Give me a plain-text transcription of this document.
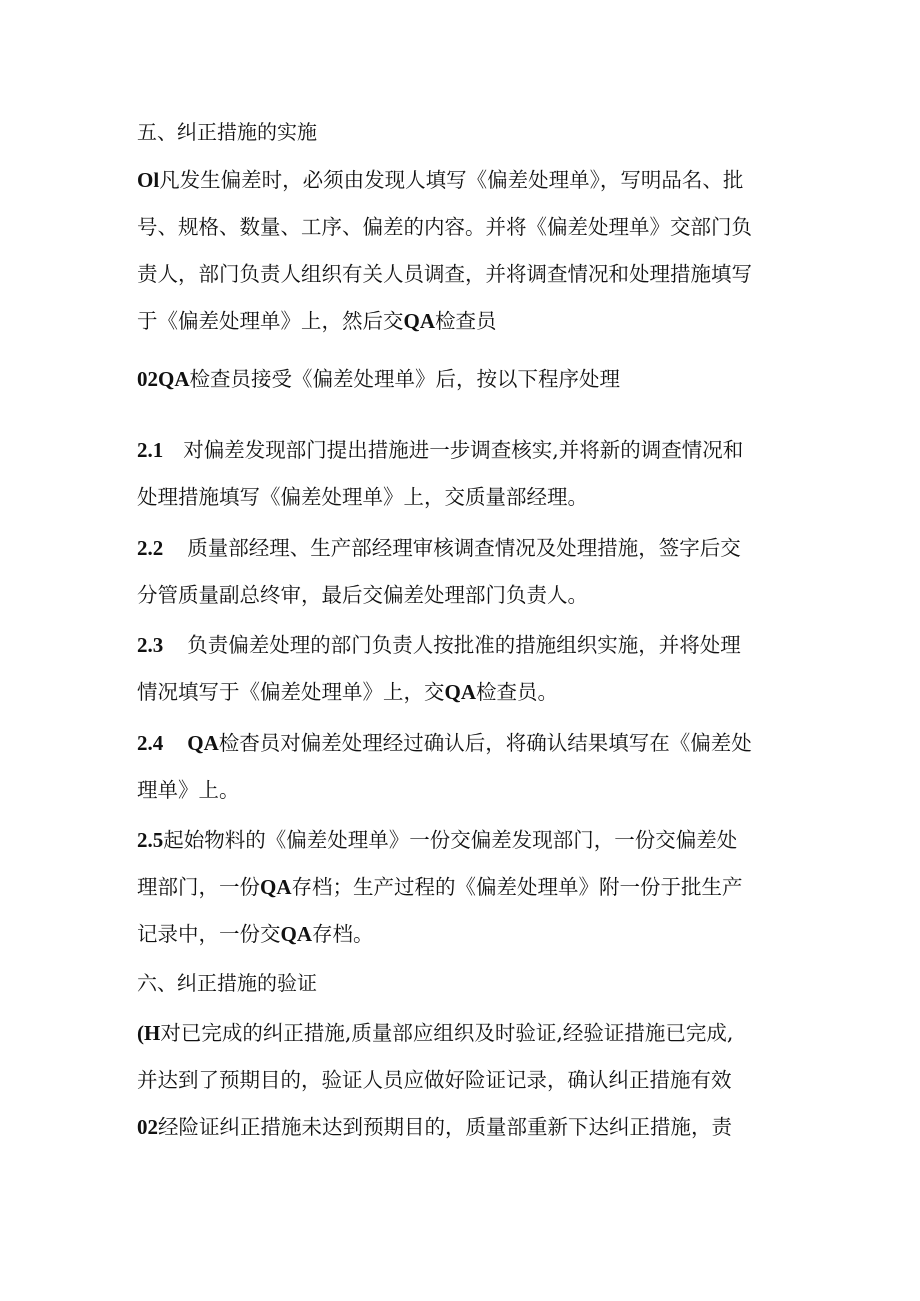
五、纠正措施的实施
Ol凡发生偏差时，必须由发现人填写《偏差处理单》，写明品名、批
号、规格、数量、工序、偏差的内容。并将《偏差处理单》交部门负
责人，部门负责人组织有关人员调查，并将调查情况和处理措施填写
于《偏差处理单》上，然后交QA检查员
02QA检查员接受《偏差处理单》后，按以下程序处理
2.1 对偏差发现部门提出措施进一步调查核实,并将新的调查情况和
处理措施填写《偏差处理单》上，交质量部经理。
2.2 质量部经理、生产部经理审核调查情况及处理措施，签字后交
分管质量副总终审，最后交偏差处理部门负责人。
2.3 负责偏差处理的部门负责人按批准的措施组织实施，并将处理
情况填写于《偏差处理单》上，交QA检查员。
2.4 QA检杳员对偏差处理经过确认后，将确认结果填写在《偏差处
理单》上。
2.5起始物料的《偏差处理单》一份交偏差发现部门，一份交偏差处
理部门，一份QA存档；生产过程的《偏差处理单》附一份于批生产
记录中，一份交QA存档。
六、纠正措施的验证
(H对已完成的纠正措施,质量部应组织及时验证,经验证措施已完成,
并达到了预期目的，验证人员应做好险证记录，确认纠正措施有效
02经险证纠正措施未达到预期目的，质量部重新下达纠正措施，责
